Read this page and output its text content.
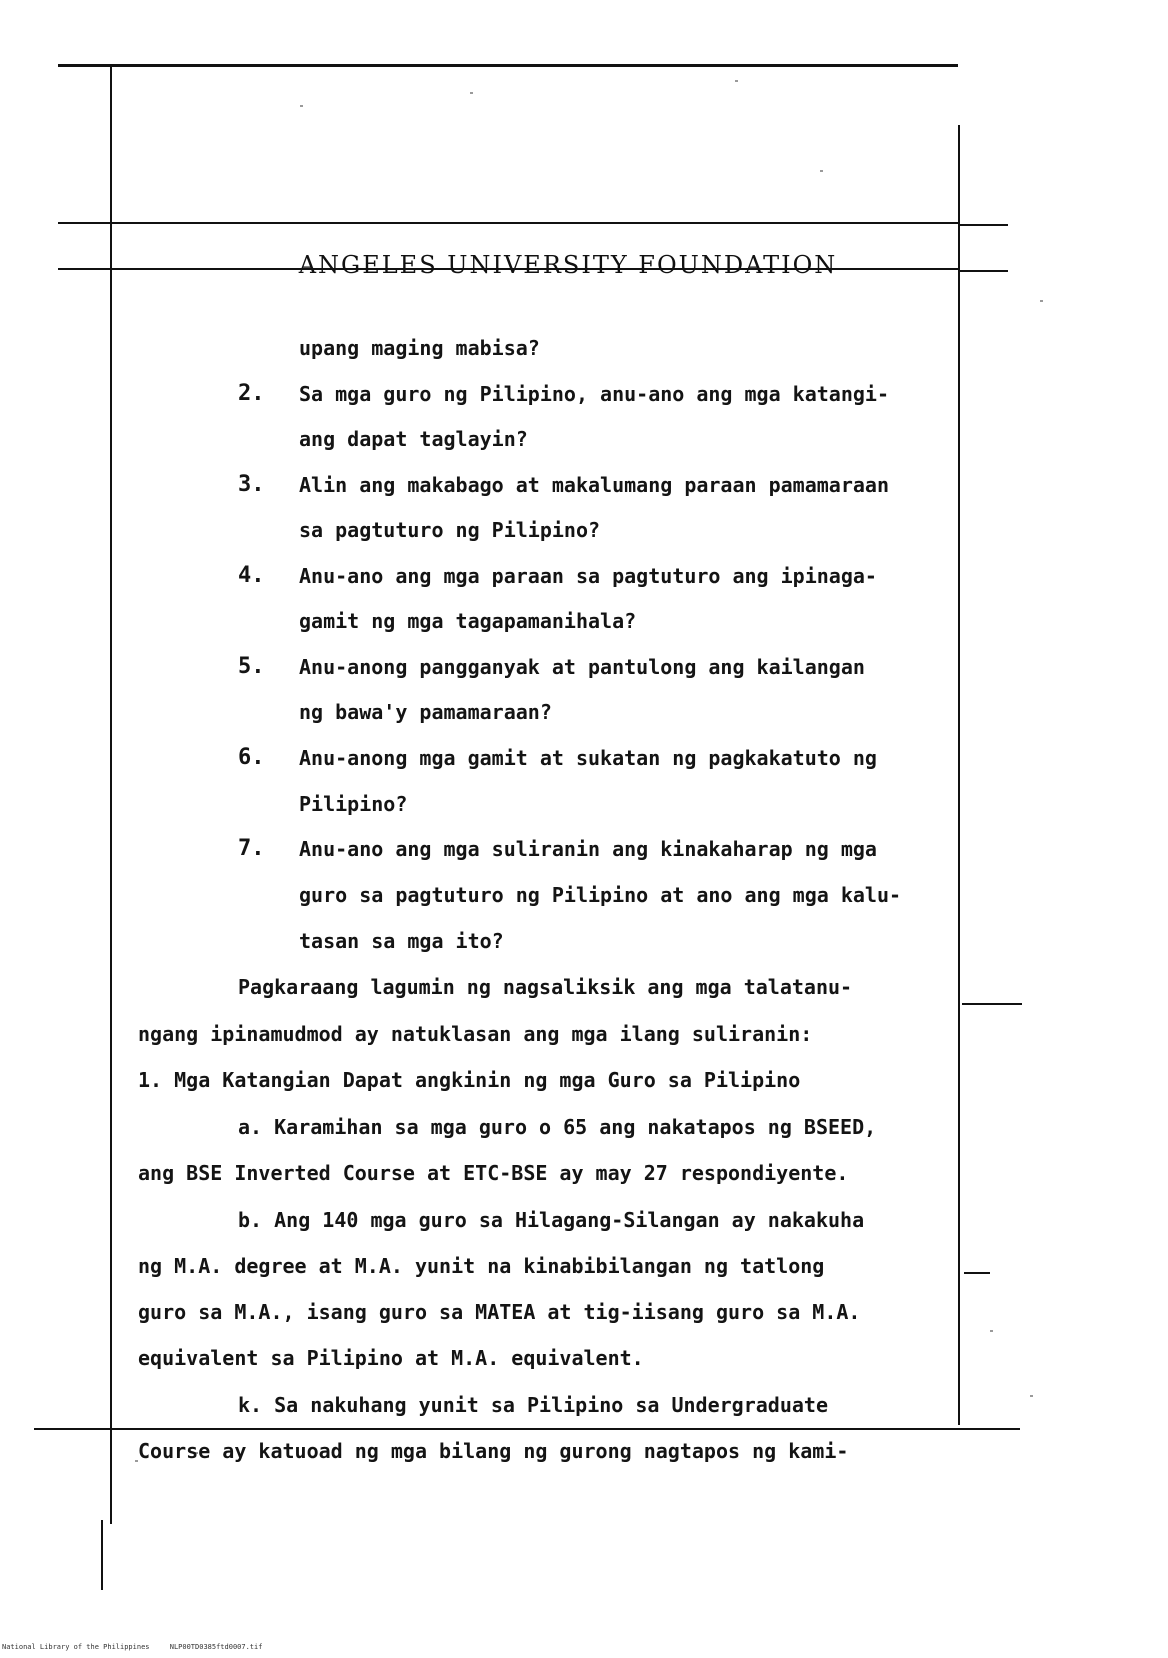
ANGELES UNIVERSITY FOUNDATION
upang maging mabisa?
2. Sa mga guro ng Pilipino, anu-ano ang mga katangi-
ang dapat taglayin?
3. Alin ang makabago at makalumang paraan pamamaraan
sa pagtuturo ng Pilipino?
4. Anu-ano ang mga paraan sa pagtuturo ang ipinaga-
gamit ng mga tagapamanihala?
5. Anu-anong pangganyak at pantulong ang kailangan
ng bawa'y pamamaraan?
6. Anu-anong mga gamit at sukatan ng pagkakatuto ng
Pilipino?
7. Anu-ano ang mga suliranin ang kinakaharap ng mga
guro sa pagtuturo ng Pilipino at ano ang mga kalu-
tasan sa mga ito?
Pagkaraang lagumin ng nagsaliksik ang mga talatanu-
ngang ipinamudmod ay natuklasan ang mga ilang suliranin:
1. Mga Katangian Dapat angkinin ng mga Guro sa Pilipino
a. Karamihan sa mga guro o 65 ang nakatapos ng BSEED,
ang BSE Inverted Course at ETC-BSE ay may 27 respondiyente.
b. Ang 140 mga guro sa Hilagang-Silangan ay nakakuha
ng M.A. degree at M.A. yunit na kinabibilangan ng tatlong
guro sa M.A., isang guro sa MATEA at tig-iisang guro sa M.A.
equivalent sa Pilipino at M.A. equivalent.
k. Sa nakuhang yunit sa Pilipino sa Undergraduate
Course ay katuoad ng mga bilang ng gurong nagtapos ng kami-
National Library of the Philippines	NLP00TD0385ftd0007.tif
